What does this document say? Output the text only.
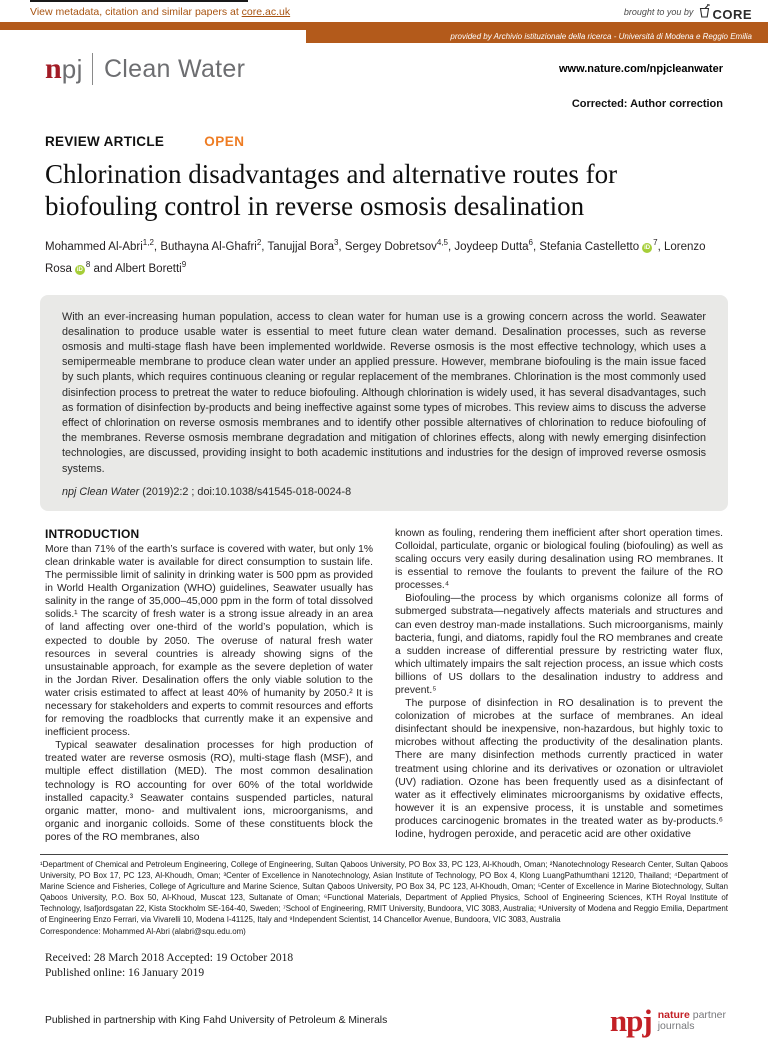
View metadata, citation and similar papers at core.ac.uk	brought to you by CORE
provided by Archivio istituzionale della ricerca - Università di Modena e Reggio Emilia
n pj Clean Water	www.nature.com/npjcleanwater
Corrected: Author correction
REVIEW ARTICLE	OPEN
Chlorination disadvantages and alternative routes for biofouling control in reverse osmosis desalination
Mohammed Al-Abri$^{1,2}$, Buthayna Al-Ghafri$^2$, Tanujjal Bora$^3$, Sergey Dobretsov$^{4,5}$, Joydeep Dutta$^6$, Stefania Castelletto $iD^7$, Lorenzo Rosa $iD^8$ and Albert Boretti$^9$
With an ever-increasing human population, access to clean water for human use is a growing concern across the world. Seawater desalination to produce usable water is essential to meet future clean water demand. Desalination processes, such as reverse osmosis and multi-stage flash have been implemented worldwide. Reverse osmosis is the most effective technology, which uses a semipermeable membrane to produce clean water under an applied pressure. However, membrane biofouling is the main issue faced by such plants, which requires continuous cleaning or regular replacement of the membranes. Chlorination is the most commonly used disinfection process to pretreat the water to reduce biofouling. Although chlorination is widely used, it has several disadvantages, such as formation of disinfection by-products and being ineffective against some types of microbes. This review aims to discuss the adverse effect of chlorination on reverse osmosis membranes and to identify other possible alternatives of chlorination to reduce biofouling of the membranes. Reverse osmosis membrane degradation and mitigation of chlorines effects, along with newly emerging disinfection technologies, are discussed, providing insight to both academic institutions and industries for the design of improved reverse osmosis systems.
npj Clean Water (2019)2:2 ; doi:10.1038/s41545-018-0024-8
INTRODUCTION

More than 71% of the earth’s surface is covered with water, but only 1% clean drinkable water is available for direct consumption to sustain life. The permissible limit of salinity in drinking water is 500 ppm as provided in World Health Organization (WHO) guidelines, Seawater usually has salinity in the range of 35,000–45,000 ppm in the form of total dissolved solids.¹ The scarcity of fresh water is a strong issue already in an area of land affecting over one-third of the world’s population, which is expected to double by 2050. The overuse of natural fresh water resources in several countries is already showing signs of the unsustainable approach, for example as the severe depletion of water in the Jordan River. Desalination offers the only viable solution to the water crisis estimated to affect at least 40% of humanity by 2050.² It is necessary for stakeholders and experts to commit resources and efforts for removing the roadblocks that currently make it an expensive and inefficient process.

Typical seawater desalination processes for high production of treated water are reverse osmosis (RO), multi-stage flash (MSF), and multiple effect distillation (MED). The most common desalination technology is RO accounting for over 60% of the total worldwide installed capacity.³ Seawater contains suspended particles, natural organic matter, mono- and multivalent ions, microorganisms, and organic and inorganic colloids. Some of these constituents block the pores of the RO membranes, also

known as fouling, rendering them inefficient after short operation times. Colloidal, particulate, organic or biological fouling (biofouling) as well as scaling occurs very easily during desalination using RO membranes. It is essential to remove the foulants to prevent the failure of the RO processes.⁴

Biofouling—the process by which organisms colonize all forms of submerged substrata—negatively affects materials and structures and can even destroy man-made installations. Such microorganisms, mainly bacteria, fungi, and diatoms, rapidly foul the RO membranes and create a sudden increase of differential pressure by restricting water flux, which ultimately impairs the salt rejection process, an issue which costs billions of US dollars to the desalination industry to address and prevent.⁵

The purpose of disinfection in RO desalination is to prevent the colonization of microbes at the surface of membranes. An ideal disinfectant should be inexpensive, non-hazardous, but highly toxic to microbes without affecting the productivity of the desalination plants. There are many disinfection methods currently practiced in water treatment using chlorine and its derivatives or ozonation or ultraviolet (UV) radiation. Ozone has been frequently used as a disinfectant of water as it effectively eliminates microorganisms by oxidative effects, however it is an expensive process, it is unstable and sometimes produces carcinogenic bromates in the treated water as by-products.⁶ Iodine, hydrogen peroxide, and peracetic acid are other oxidative

¹Department of Chemical and Petroleum Engineering, College of Engineering, Sultan Qaboos University, PO Box 33, PC 123, Al-Khoudh, Oman; ²Nanotechnology Research Center, Sultan Qaboos University, PO Box 17, PC 123, Al-Khoudh, Oman; ³Center of Excellence in Nanotechnology, Asian Institute of Technology, PO Box 4, Klong LuangPathumthani 12120, Thailand; ⁴Department of Marine Science and Fisheries, College of Agriculture and Marine Science, Sultan Qaboos University, PO Box 34, PC 123, Al-Khoudh, Oman; ⁵Center of Excellence in Marine Biotechnology, Sultan Qaboos University, P.O. Box 50, Al-Khoud, Muscat 123, Sultanate of Oman; ⁶Functional Materials, Department of Applied Physics, School of Engineering Sciences, KTH Royal Institute of Technology, Isafjordsgatan 22, Kista Stockholm SE-164-40, Sweden; ⁷School of Engineering, RMIT University, Bundoora, VIC 3083, Australia; ⁸University of Modena and Reggio Emilia, Department of Engineering Enzo Ferrari, via Vivarelli 10, Modena I-41125, Italy and ⁹Independent Scientist, 14 Chancellor Avenue, Bundoora, VIC 3083, Australia
Correspondence: Mohammed Al-Abri (alabri@squ.edu.om)
Received: 28 March 2018 Accepted: 19 October 2018
Published online: 16 January 2019
Published in partnership with King Fahd University of Petroleum & Minerals	npj nature partner
journals
